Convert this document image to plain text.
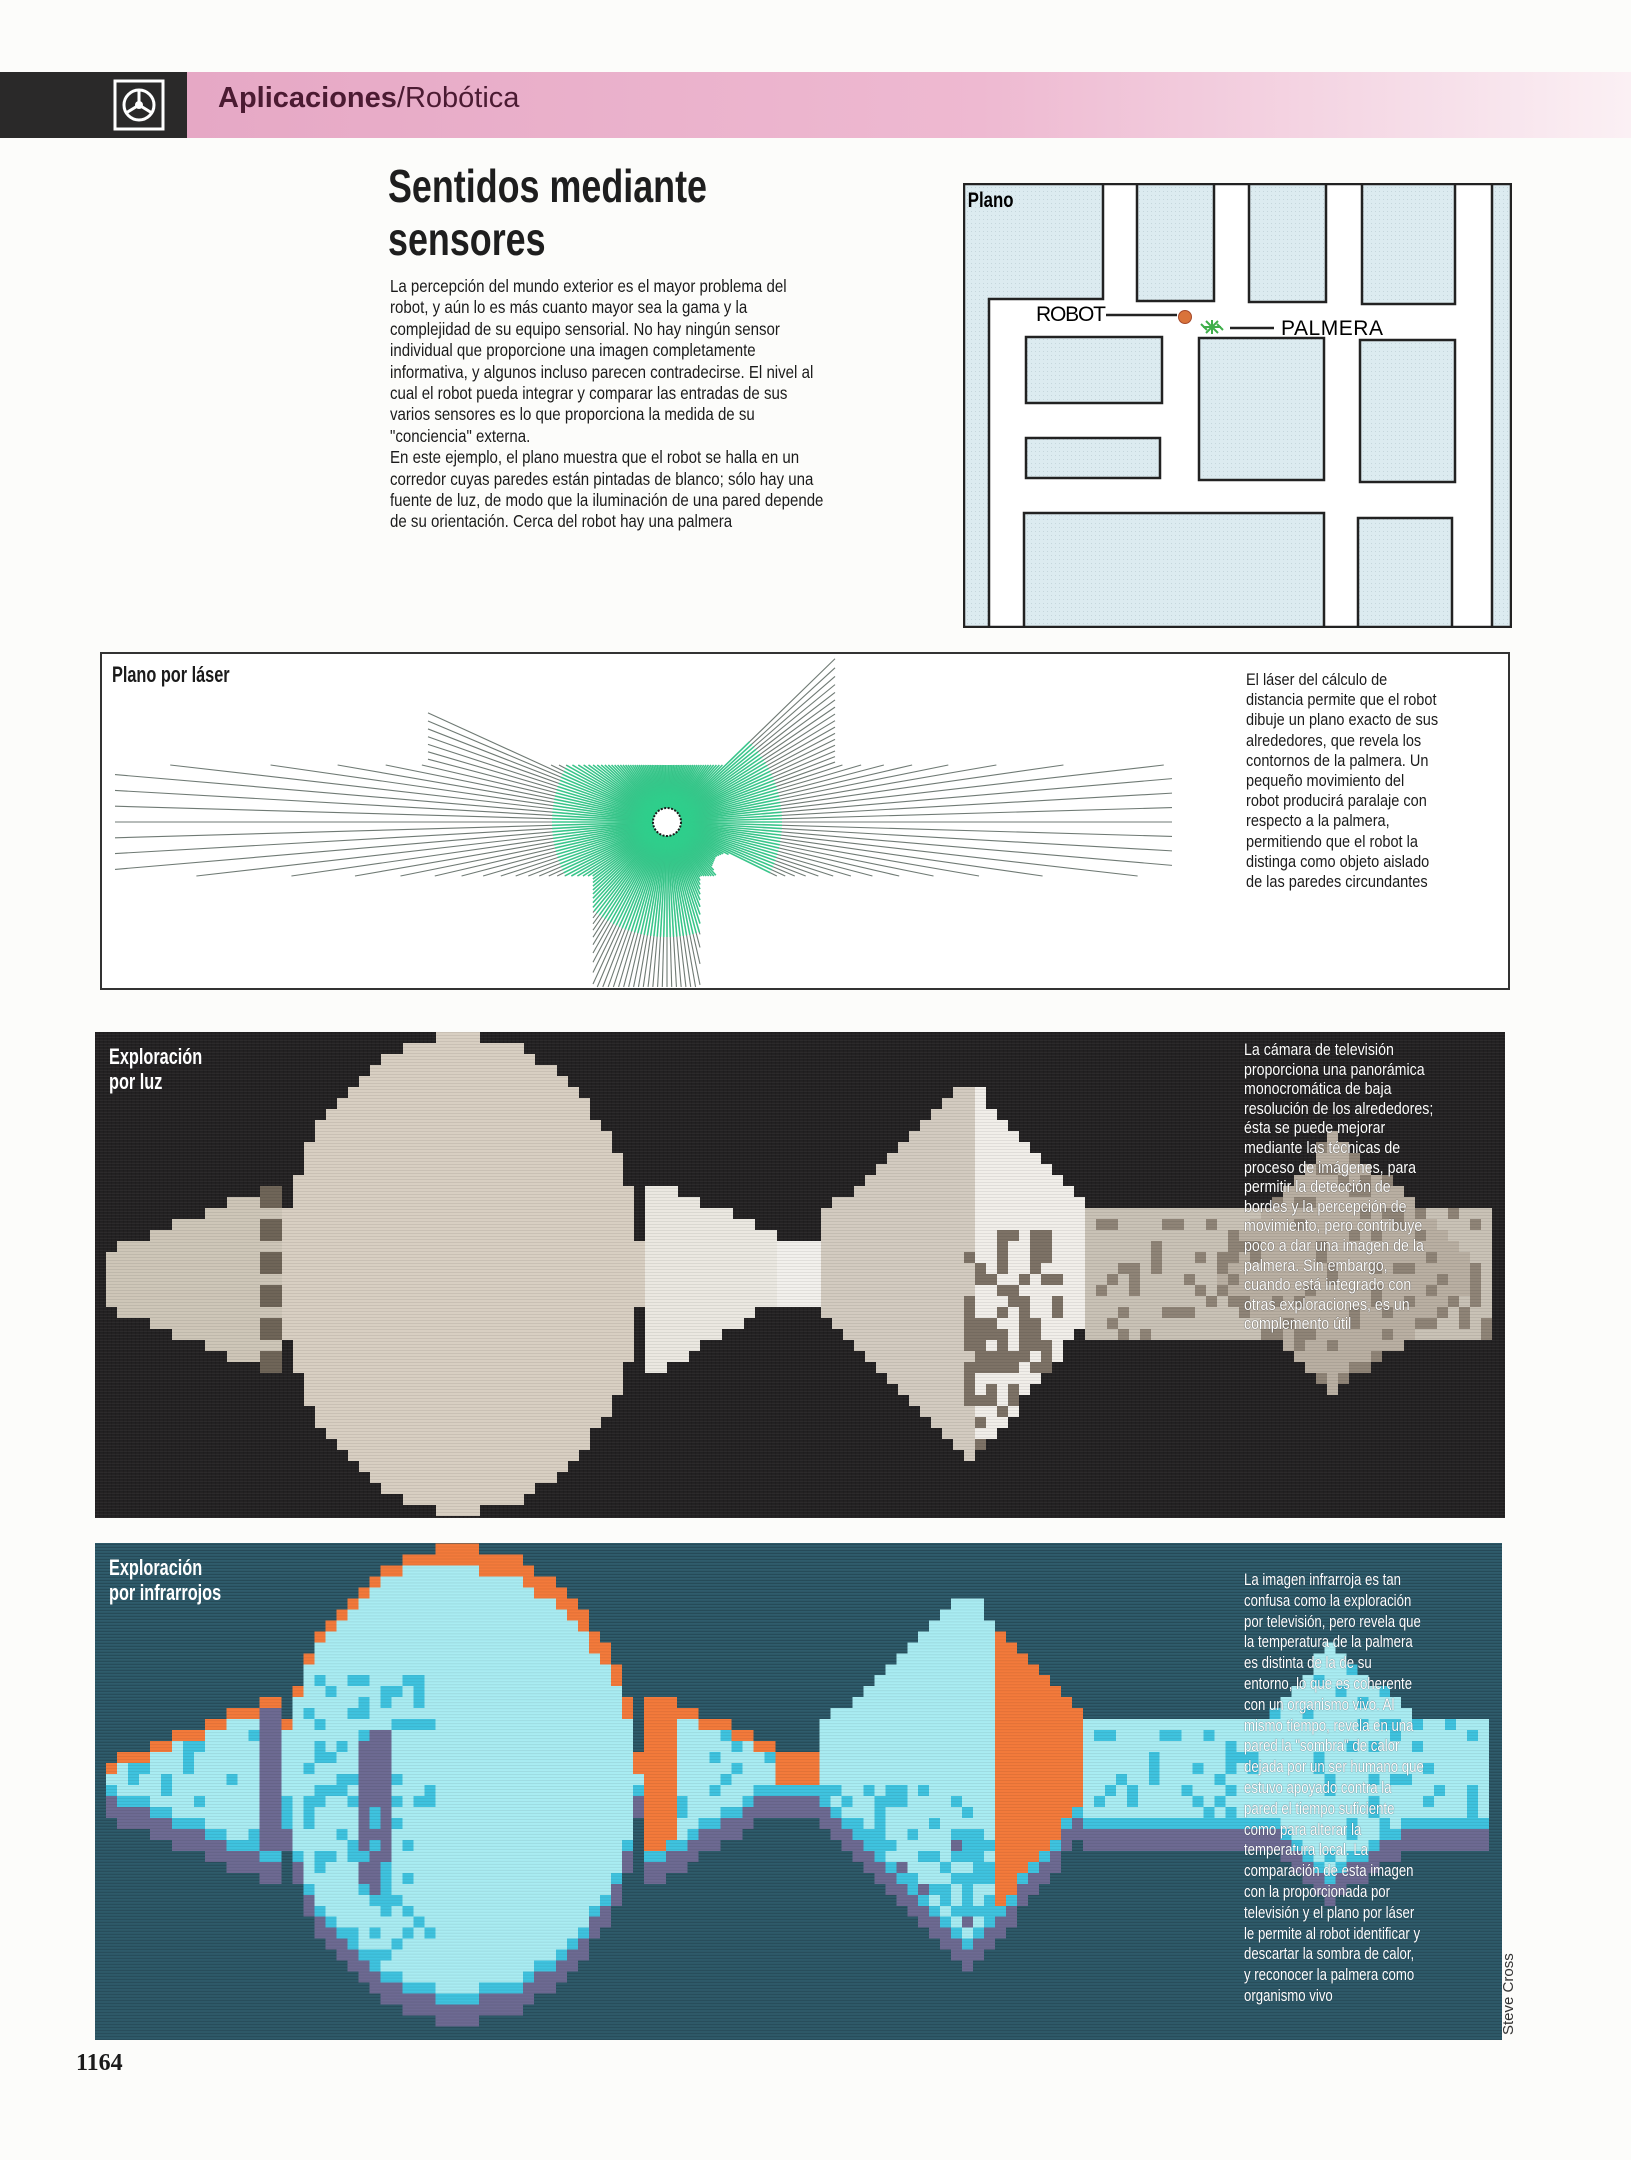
Aplicaciones/Robótica
Sentidos mediante
sensores
La percepción del mundo exterior es el mayor problema del
robot, y aún lo es más cuanto mayor sea la gama y la
complejidad de su equipo sensorial. No hay ningún sensor
individual que proporcione una imagen completamente
informativa, y algunos incluso parecen contradecirse. El nivel al
cual el robot pueda integrar y comparar las entradas de sus
varios sensores es lo que proporciona la medida de su
"conciencia" externa.
En este ejemplo, el plano muestra que el robot se halla en un
corredor cuyas paredes están pintadas de blanco; sólo hay una
fuente de luz, de modo que la iluminación de una pared depende
de su orientación. Cerca del robot hay una palmera
Plano
ROBOT
PALMERA
Plano por láser	El láser del cálculo de
distancia permite que el robot
dibuje un plano exacto de sus
alrededores, que revela los
contornos de la palmera. Un
pequeño movimiento del
robot producirá paralaje con
respecto a la palmera,
permitiendo que el robot la
distinga como objeto aislado
de las paredes circundantes
Exploración
por luz
La cámara de televisión
proporciona una panorámica
monocromática de baja
resolución de los alrededores;
ésta se puede mejorar
mediante las técnicas de
proceso de imágenes, para
permitir la detección de
bordes y la percepción de
movimiento, pero contribuye
poco a dar una imagen de la
palmera. Sin embargo,
cuando está integrado con
otras exploraciones, es un
complemento útil
Exploración
por infrarrojos	La imagen infrarroja es tan
confusa como la exploración
por televisión, pero revela que
la temperatura de la palmera
es distinta de la de su
entorno, lo que es coherente
con un organismo vivo. Al
mismo tiempo, revela en una
pared la "sombra" de calor
dejada por un ser humano que
estuvo apoyado contra la
pared el tiempo suficiente
como para alterar la
temperatura local. La
comparación de esta imagen
con la proporcionada por
televisión y el plano por láser
le permite al robot identificar y
descartar la sombra de calor,
y reconocer la palmera como
organismo vivo
1164
Steve Cross
